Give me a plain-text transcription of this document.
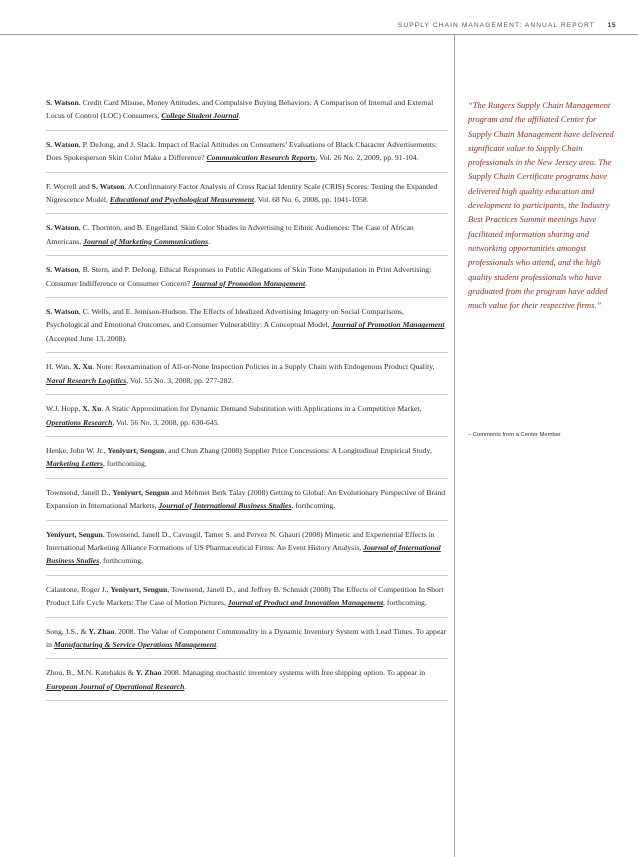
SUPPLY CHAIN MANAGEMENT: ANNUAL REPORT 15
S. Watson. Credit Card Misuse, Money Attitudes, and Compulsive Buying Behaviors: A Comparison of Internal and External Locus of Control (LOC) Consumers, College Student Journal.
S. Watson, P. DeJong, and J. Slack. Impact of Racial Attitudes on Consumers’ Evaluations of Black Character Advertisements: Does Spokesperson Skin Color Make a Difference? Communication Research Reports, Vol. 26 No. 2, 2009, pp. 91-104.
F. Worrell and S. Watson. A Confirmatory Factor Analysis of Cross Racial Identity Scale (CRIS) Scores: Testing the Expanded Nigrescence Model, Educational and Psychological Measurement, Vol. 68 No. 6, 2008, pp. 1041-1058.
S. Watson, C. Thornton, and B. Engelland. Skin Color Shades in Advertising to Ethnic Audiences: The Case of African Americans, Journal of Marketing Communications.
S. Watson, B. Stern, and P. DeJong. Ethical Responses to Public Allegations of Skin Tone Manipulation in Print Advertising: Consumer Indifference or Consumer Concern? Journal of Promotion Management.
S. Watson, C. Wells, and E. Jemison-Hudson. The Effects of Idealized Advertising Imagery on Social Comparisons, Psychological and Emotional Outcomes, and Consumer Vulnerability: A Conceptual Model, Journal of Promotion Management (Accepted June 13, 2008).
H. Wan, X. Xu. Note: Reexamination of All-or-None Inspection Policies in a Supply Chain with Endogenous Product Quality, Naval Research Logistics, Vol. 55 No. 3, 2008, pp. 277-282.
W.J. Hopp, X. Xu. A Static Approximation for Dynamic Demand Substitution with Applications in a Competitive Market, Operations Research, Vol. 56 No. 3, 2008, pp. 630-645.
Henke, John W. Jr., Yeniyurt, Sengun, and Chun Zhang (2008) Supplier Price Concessions: A Longitudinal Empirical Study, Marketing Letters, forthcoming.
Townsend, Janell D., Yeniyurt, Sengun and Mehmet Berk Talay (2008) Getting to Global: An Evolutionary Perspective of Brand Expansion in International Markets, Journal of International Business Studies, forthcoming.
Yeniyurt, Sengun, Townsend, Janell D., Cavusgil, Tamer S. and Pervez N. Ghauri (2008) Mimetic and Experiential Effects in International Marketing Alliance Formations of US Pharmaceutical Firms: An Event History Analysis, Journal of International Business Studies, forthcoming.
Calantone, Roger J., Yeniyurt, Sengun, Townsend, Janell D., and Jeffrey B. Schmidt (2008) The Effects of Competition In Short Product Life Cycle Markets: The Case of Motion Pictures, Journal of Product and Innovation Management, forthcoming.
Song, J.S., & Y. Zhao. 2008. The Value of Component Commonality in a Dynamic Inventory System with Lead Times. To appear in Manufacturing & Service Operations Management.
Zhou, B., M.N. Katehakis & Y. Zhao 2008. Managing stochastic inventory systems with free shipping option. To appear in European Journal of Operational Research.
“The Rutgers Supply Chain Management program and the affiliated Center for Supply Chain Management have delivered significant value to Supply Chain professionals in the New Jersey area. The Supply Chain Certificate programs have delivered high quality education and development to participants, the Industry Best Practices Summit meetings have facilitated information sharing and networking opportunities amongst professionals who attend, and the high quality student professionals who have graduated from the program have added much value for their respective firms.”
– Comments from a Center Member
